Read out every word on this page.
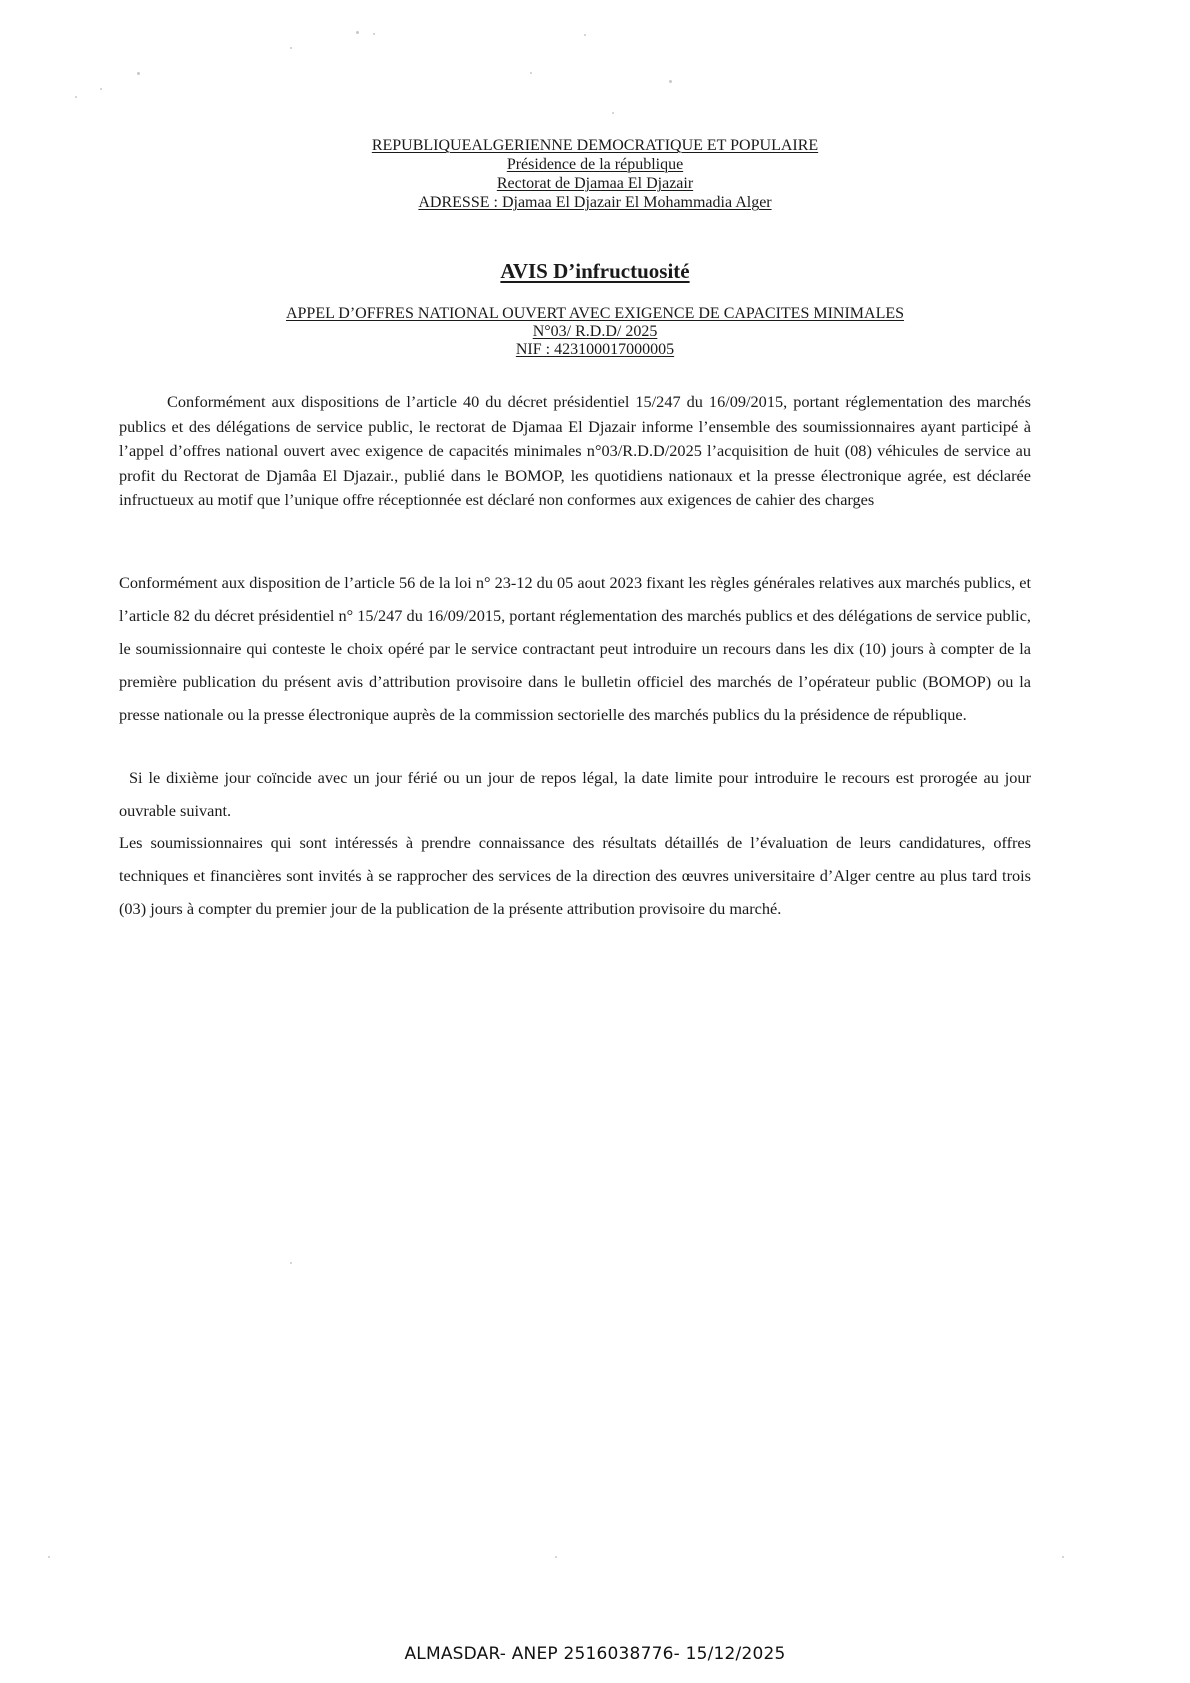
REPUBLIQUEALGERIENNE DEMOCRATIQUE ET POPULAIRE
Présidence de la république
Rectorat de Djamaa El Djazair
ADRESSE : Djamaa El Djazair El Mohammadia Alger
AVIS D’infructuosité
APPEL D’OFFRES NATIONAL OUVERT AVEC EXIGENCE DE CAPACITES MINIMALES
N°03/ R.D.D/ 2025
NIF : 423100017000005

Conformément aux dispositions de l’article 40 du décret présidentiel 15/247 du 16/09/2015, portant réglementation des marchés publics et des délégations de service public, le rectorat de Djamaa El Djazair informe l’ensemble des soumissionnaires ayant participé à l’appel d’offres national ouvert avec exigence de capacités minimales n°03/R.D.D/2025 l’acquisition de huit (08) véhicules de service au profit du Rectorat de Djamâa El Djazair., publié dans le BOMOP, les quotidiens nationaux et la presse électronique agrée, est déclarée infructueux au motif que l’unique offre réceptionnée est déclaré non conformes aux exigences de cahier des charges

Conformément aux disposition de l’article 56 de la loi n° 23-12 du 05 aout 2023 fixant les règles générales relatives aux marchés publics, et l’article 82 du décret présidentiel n° 15/247 du 16/09/2015, portant réglementation des marchés publics et des délégations de service public, le soumissionnaire qui conteste le choix opéré par le service contractant peut introduire un recours dans les dix (10) jours à compter de la première publication du présent avis d’attribution provisoire dans le bulletin officiel des marchés de l’opérateur public (BOMOP) ou la presse nationale ou la presse électronique auprès de la commission sectorielle des marchés publics du la présidence de république.

Si le dixième jour coïncide avec un jour férié ou un jour de repos légal, la date limite pour introduire le recours est prorogée au jour ouvrable suivant.

Les soumissionnaires qui sont intéressés à prendre connaissance des résultats détaillés de l’évaluation de leurs candidatures, offres techniques et financières sont invités à se rapprocher des services de la direction des œuvres universitaire d’Alger centre au plus tard trois (03) jours à compter du premier jour de la publication de la présente attribution provisoire du marché.

ALMASDAR- ANEP 2516038776- 15/12/2025
